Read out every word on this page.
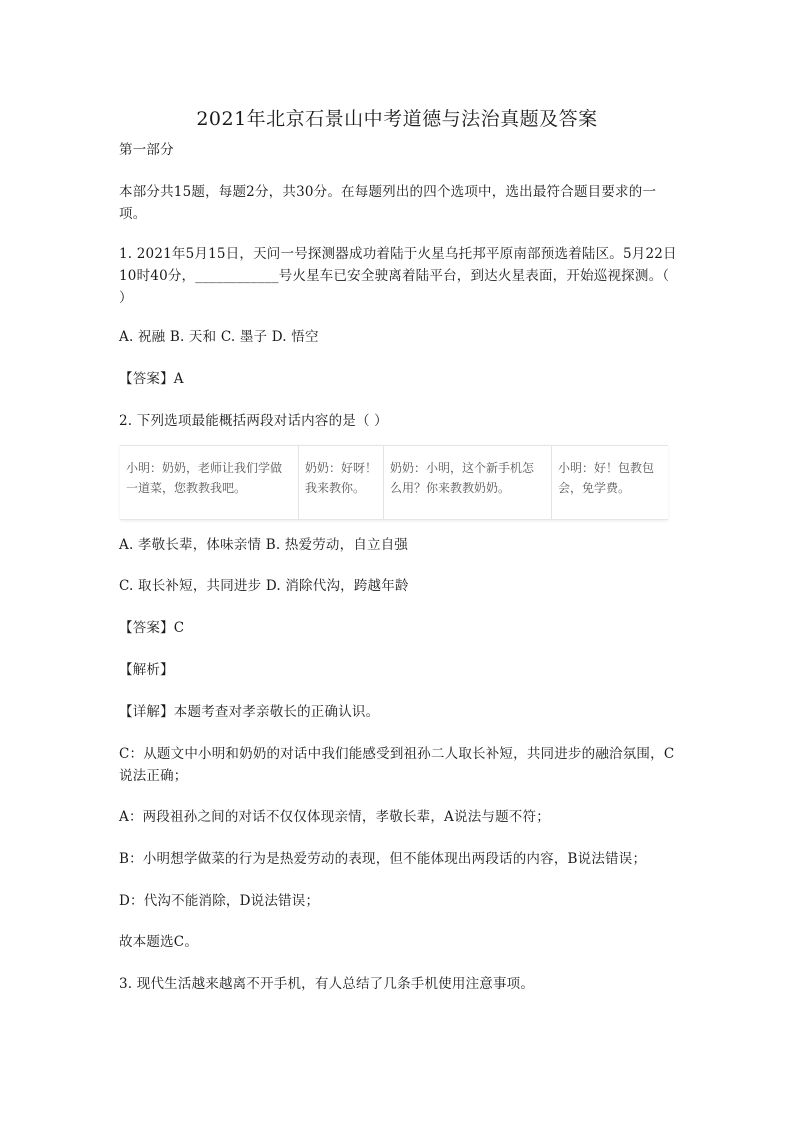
2021年北京石景山中考道德与法治真题及答案
第一部分
本部分共15题，每题2分，共30分。在每题列出的四个选项中，选出最符合题目要求的一项。
1. 2021年5月15日，天问一号探测器成功着陆于火星乌托邦平原南部预选着陆区。5月22日10时40分，____________号火星车已安全驶离着陆平台，到达火星表面，开始巡视探测。（ ）
A. 祝融 B. 天和 C. 墨子 D. 悟空
【答案】A
2. 下列选项最能概括两段对话内容的是（ ）
小明：奶奶，老师让我们学做一道菜，您教教我吧。
奶奶：好呀！我来教你。
奶奶：小明，这个新手机怎么用？你来教教奶奶。
小明：好！包教包会，免学费。
A. 孝敬长辈，体味亲情 B. 热爱劳动，自立自强
C. 取长补短，共同进步 D. 消除代沟，跨越年龄
【答案】C
【解析】
【详解】本题考查对孝亲敬长的正确认识。
C：从题文中小明和奶奶的对话中我们能感受到祖孙二人取长补短，共同进步的融洽氛围，C说法正确；
A：两段祖孙之间的对话不仅仅体现亲情，孝敬长辈，A说法与题不符；
B：小明想学做菜的行为是热爱劳动的表现，但不能体现出两段话的内容，B说法错误；
D：代沟不能消除，D说法错误；
故本题选C。
3. 现代生活越来越离不开手机，有人总结了几条手机使用注意事项。
